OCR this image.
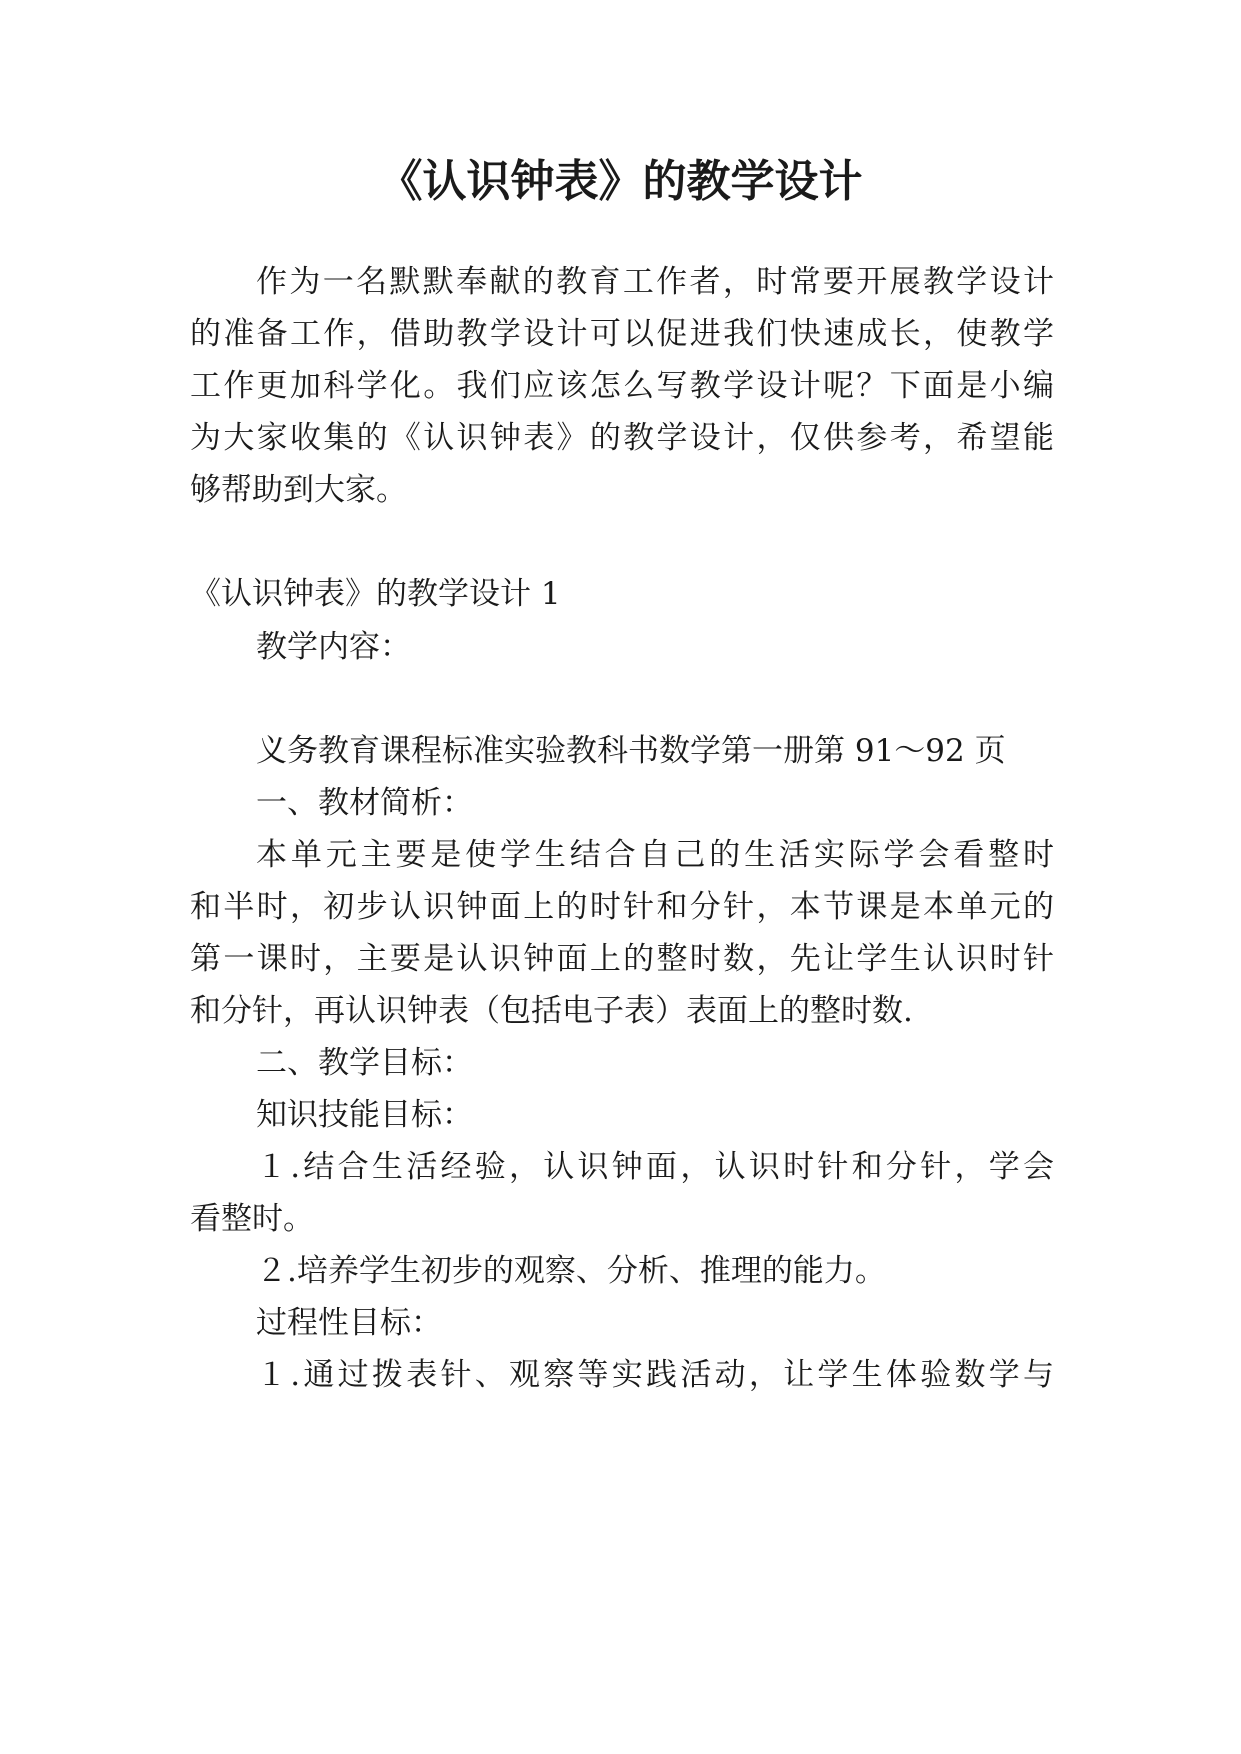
《认识钟表》的教学设计

作为一名默默奉献的教育工作者，时常要开展教学设计

的准备工作，借助教学设计可以促进我们快速成长，使教学

工作更加科学化。我们应该怎么写教学设计呢？下面是小编

为大家收集的《认识钟表》的教学设计，仅供参考，希望能

够帮助到大家。

《认识钟表》的教学设计 1

教学内容：

义务教育课程标准实验教科书数学第一册第 91～92 页

一、教材简析：

本单元主要是使学生结合自己的生活实际学会看整时

和半时，初步认识钟面上的时针和分针，本节课是本单元的

第一课时，主要是认识钟面上的整时数，先让学生认识时针

和分针，再认识钟表（包括电子表）表面上的整时数.

二、教学目标：

知识技能目标：

１.结合生活经验，认识钟面，认识时针和分针，学会

看整时。

２.培养学生初步的观察、分析、推理的能力。

过程性目标：

１.通过拨表针、观察等实践活动，让学生体验数学与
